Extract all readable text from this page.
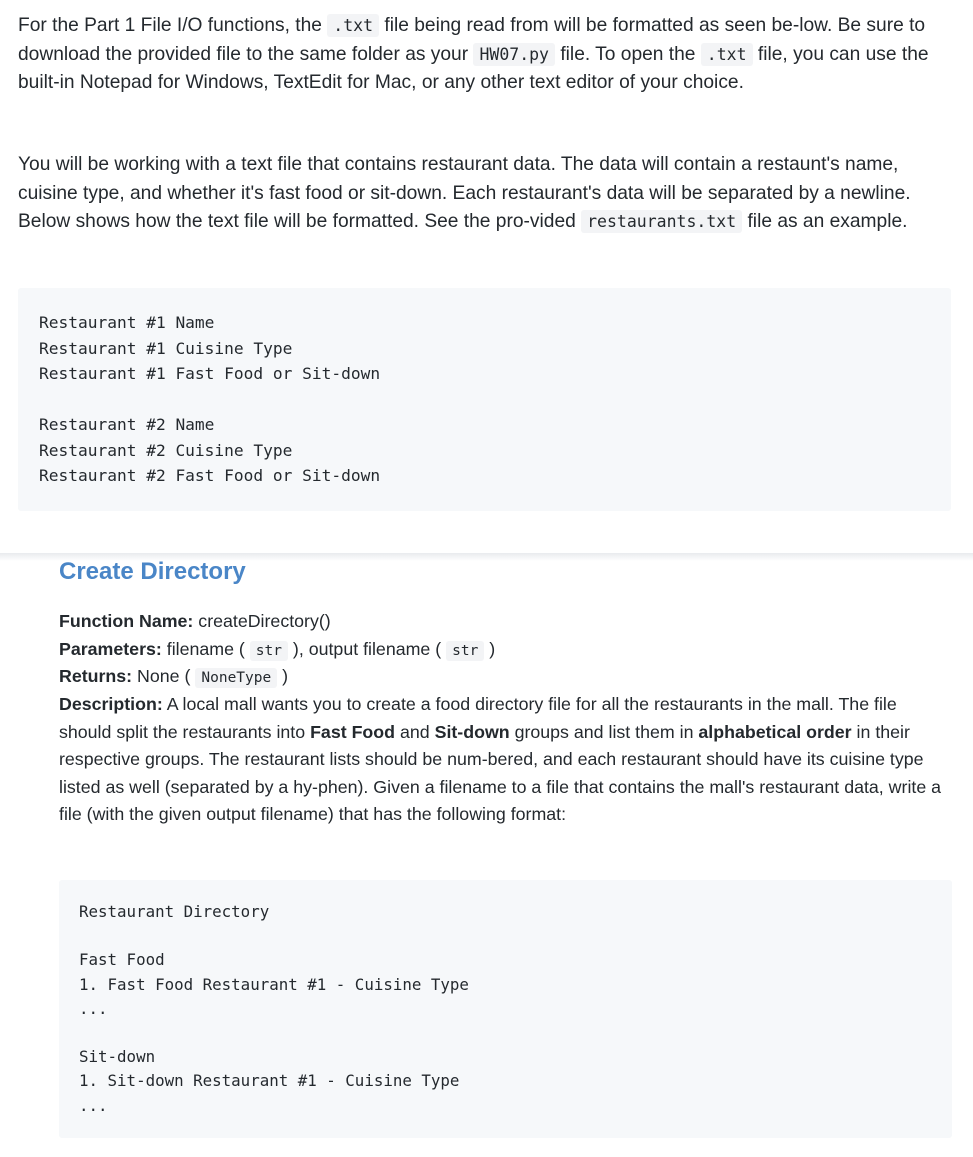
For the Part 1 File I/O functions, the .txt file being read from will be formatted as seen be-low. Be sure to download the provided file to the same folder as your HW07.py file. To open the .txt file, you can use the built-in Notepad for Windows, TextEdit for Mac, or any other text editor of your choice.

You will be working with a text file that contains restaurant data. The data will contain a restaunt's name, cuisine type, and whether it's fast food or sit-down. Each restaurant's data will be separated by a newline. Below shows how the text file will be formatted. See the pro-vided restaurants.txt file as an example.

Restaurant #1 Name
Restaurant #1 Cuisine Type
Restaurant #1 Fast Food or Sit-down

Restaurant #2 Name
Restaurant #2 Cuisine Type
Restaurant #2 Fast Food or Sit-down
Create Directory

Function Name: createDirectory()

Parameters: filename ( str ), output filename ( str )

Returns: None ( NoneType )

Description: A local mall wants you to create a food directory file for all the restaurants in the mall. The file should split the restaurants into Fast Food and Sit-down groups and list them in alphabetical order in their respective groups. The restaurant lists should be num-bered, and each restaurant should have its cuisine type listed as well (separated by a hy-phen). Given a filename to a file that contains the mall's restaurant data, write a file (with the given output filename) that has the following format:

Restaurant Directory

Fast Food
1. Fast Food Restaurant #1 - Cuisine Type
...

Sit-down
1. Sit-down Restaurant #1 - Cuisine Type
...
